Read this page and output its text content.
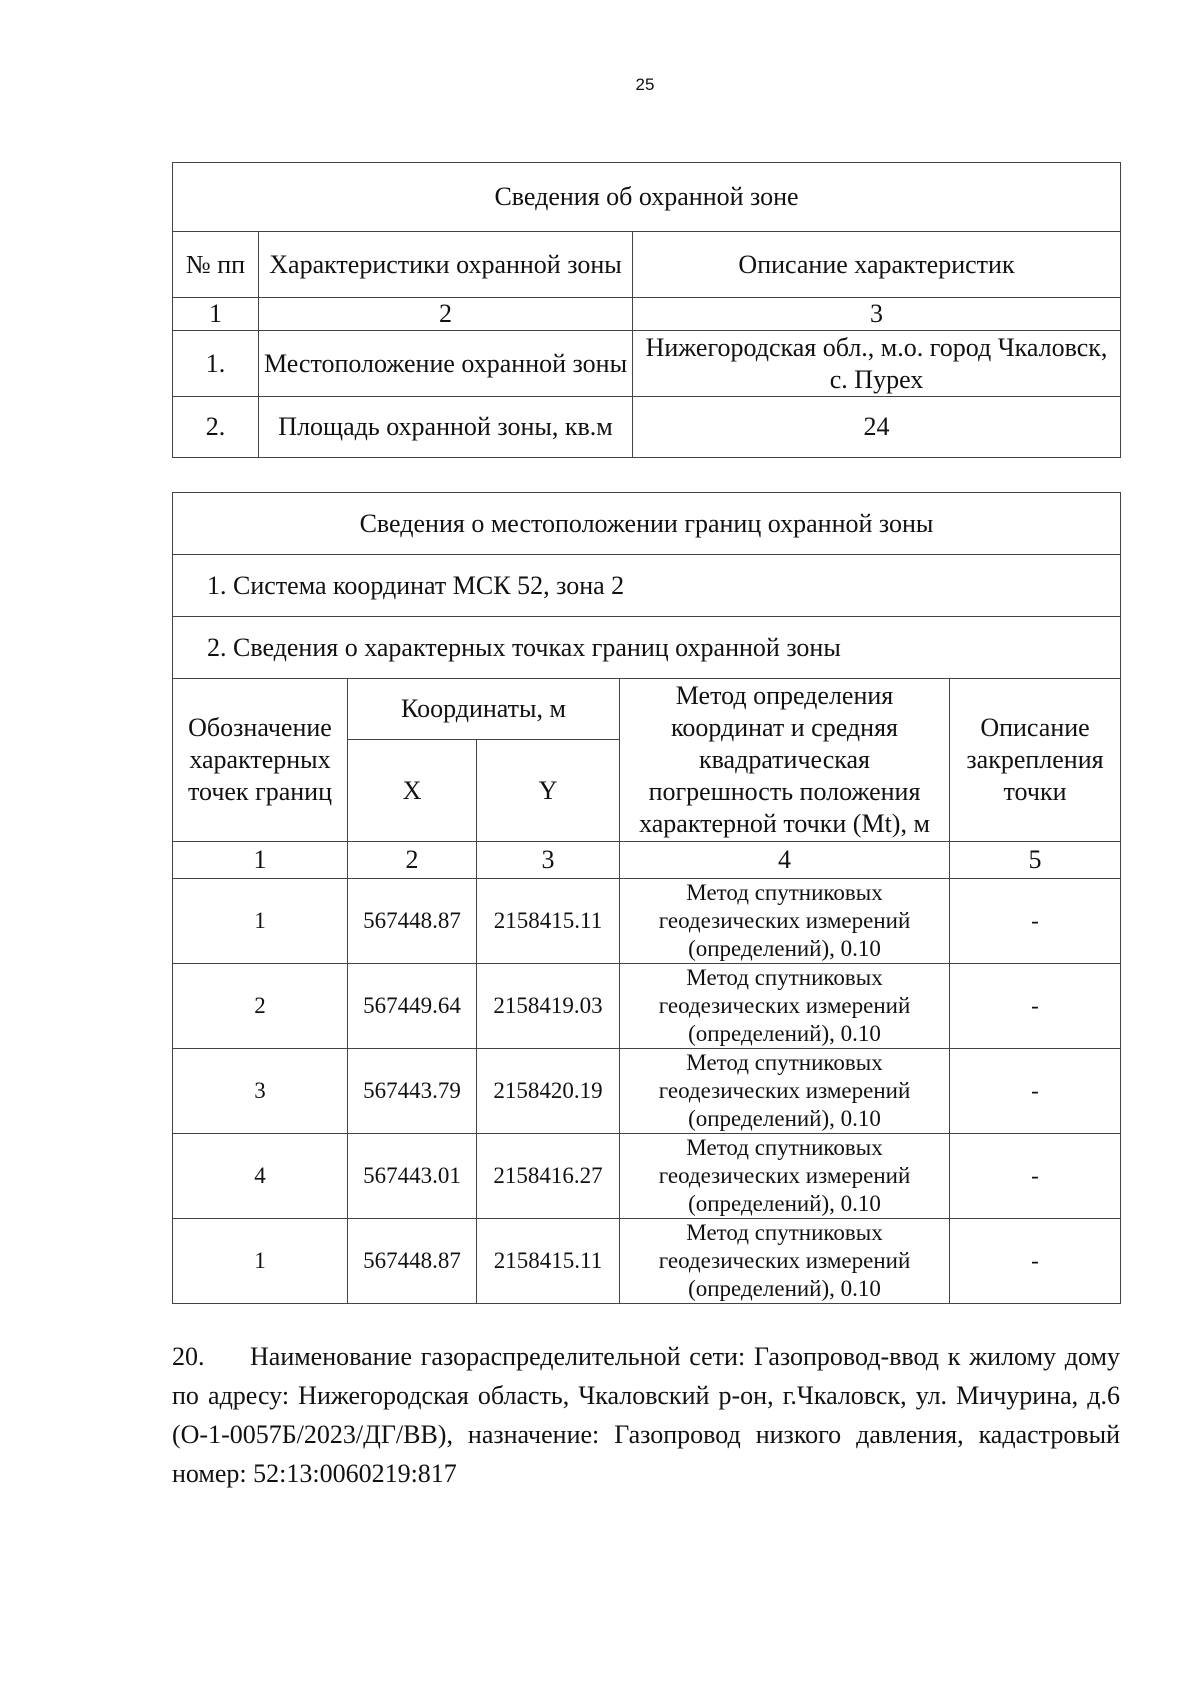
25
Сведения об охранной зоне		
№ пп	Характеристики охранной зоны	Описание характеристик
1	2	3
1.	Местоположение охранной зоны	Нижегородская обл., м.о. город Чкаловск, с. Пурех
2.	Площадь охранной зоны, кв.м	24
Сведения о местоположении границ охранной зоны				
1. Система координат МСК 52, зона 2				
2. Сведения о характерных точках границ охранной зоны				
Обозначение характерных точек границ	Координаты, м		Метод определения координат и средняя квадратическая погрешность положения характерной точки (Mt), м	Описание закрепления точки
	X	Y		
1	2	3	4	5
1	567448.87	2158415.11	Метод спутниковых геодезических измерений (определений), 0.10	-
2	567449.64	2158419.03	Метод спутниковых геодезических измерений (определений), 0.10	-
3	567443.79	2158420.19	Метод спутниковых геодезических измерений (определений), 0.10	-
4	567443.01	2158416.27	Метод спутниковых геодезических измерений (определений), 0.10	-
1	567448.87	2158415.11	Метод спутниковых геодезических измерений (определений), 0.10	-

20. Наименование газораспределительной сети: Газопровод-ввод к жилому дому по адресу: Нижегородская область, Чкаловский р-он, г.Чкаловск, ул. Мичурина, д.6 (О-1-0057Б/2023/ДГ/ВВ), назначение: Газопровод низкого давления, кадастровый номер: 52:13:0060219:817
